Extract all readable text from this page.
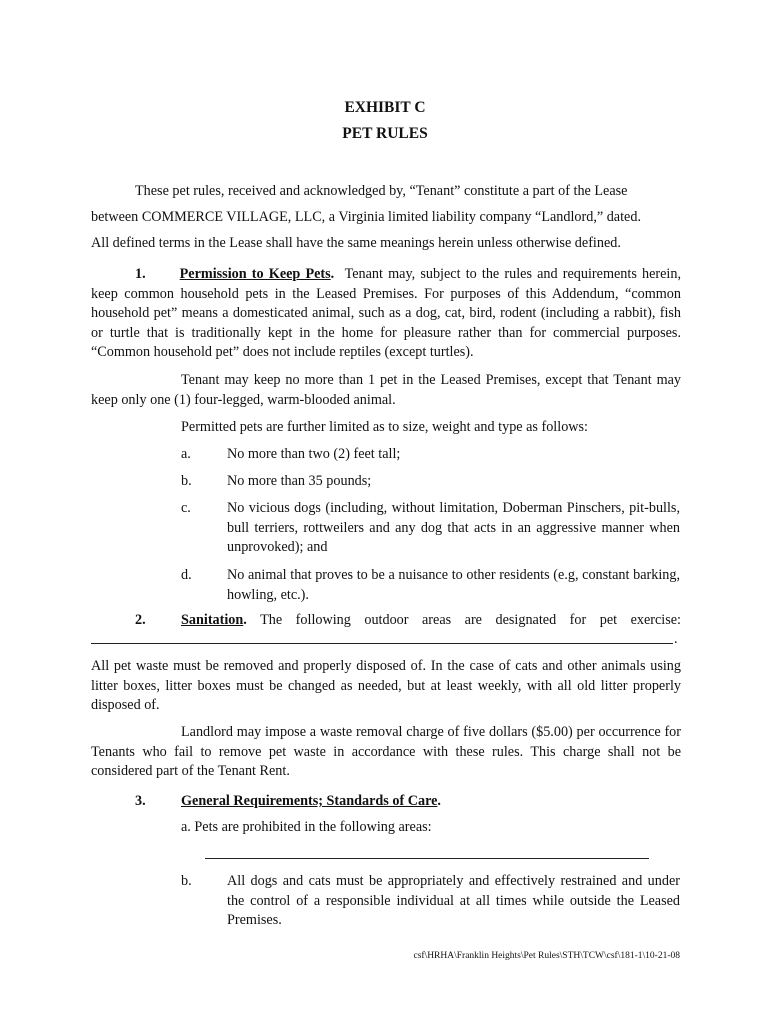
EXHIBIT C
PET RULES
These pet rules, received and acknowledged by, “Tenant” constitute a part of the Lease
between COMMERCE VILLAGE, LLC, a Virginia limited liability company “Landlord,” dated.
All defined terms in the Lease shall have the same meanings herein unless otherwise defined.
1. Permission to Keep Pets. Tenant may, subject to the rules and requirements herein, keep common household pets in the Leased Premises. For purposes of this Addendum, “common household pet” means a domesticated animal, such as a dog, cat, bird, rodent (including a rabbit), fish or turtle that is traditionally kept in the home for pleasure rather than for commercial purposes. “Common household pet” does not include reptiles (except turtles).
Tenant may keep no more than 1 pet in the Leased Premises, except that Tenant may keep only one (1) four-legged, warm-blooded animal.
Permitted pets are further limited as to size, weight and type as follows:
a.	No more than two (2) feet tall;
b.	No more than 35 pounds;
c.	No vicious dogs (including, without limitation, Doberman Pinschers, pit-bulls, bull terriers, rottweilers and any dog that acts in an aggressive manner when unprovoked); and
d.	No animal that proves to be a nuisance to other residents (e.g, constant barking, howling, etc.).
2.	Sanitation. The following outdoor areas are designated for pet exercise:
.
All pet waste must be removed and properly disposed of. In the case of cats and other animals using litter boxes, litter boxes must be changed as needed, but at least weekly, with all old litter properly disposed of.
Landlord may impose a waste removal charge of five dollars ($5.00) per occurrence for Tenants who fail to remove pet waste in accordance with these rules. This charge shall not be considered part of the Tenant Rent.
3.	General Requirements; Standards of Care.
a. Pets are prohibited in the following areas:
b.	All dogs and cats must be appropriately and effectively restrained and under the control of a responsible individual at all times while outside the Leased Premises.
csf\HRHA\Franklin Heights\Pet Rules\STH\TCW\csf\181-1\10-21-08
